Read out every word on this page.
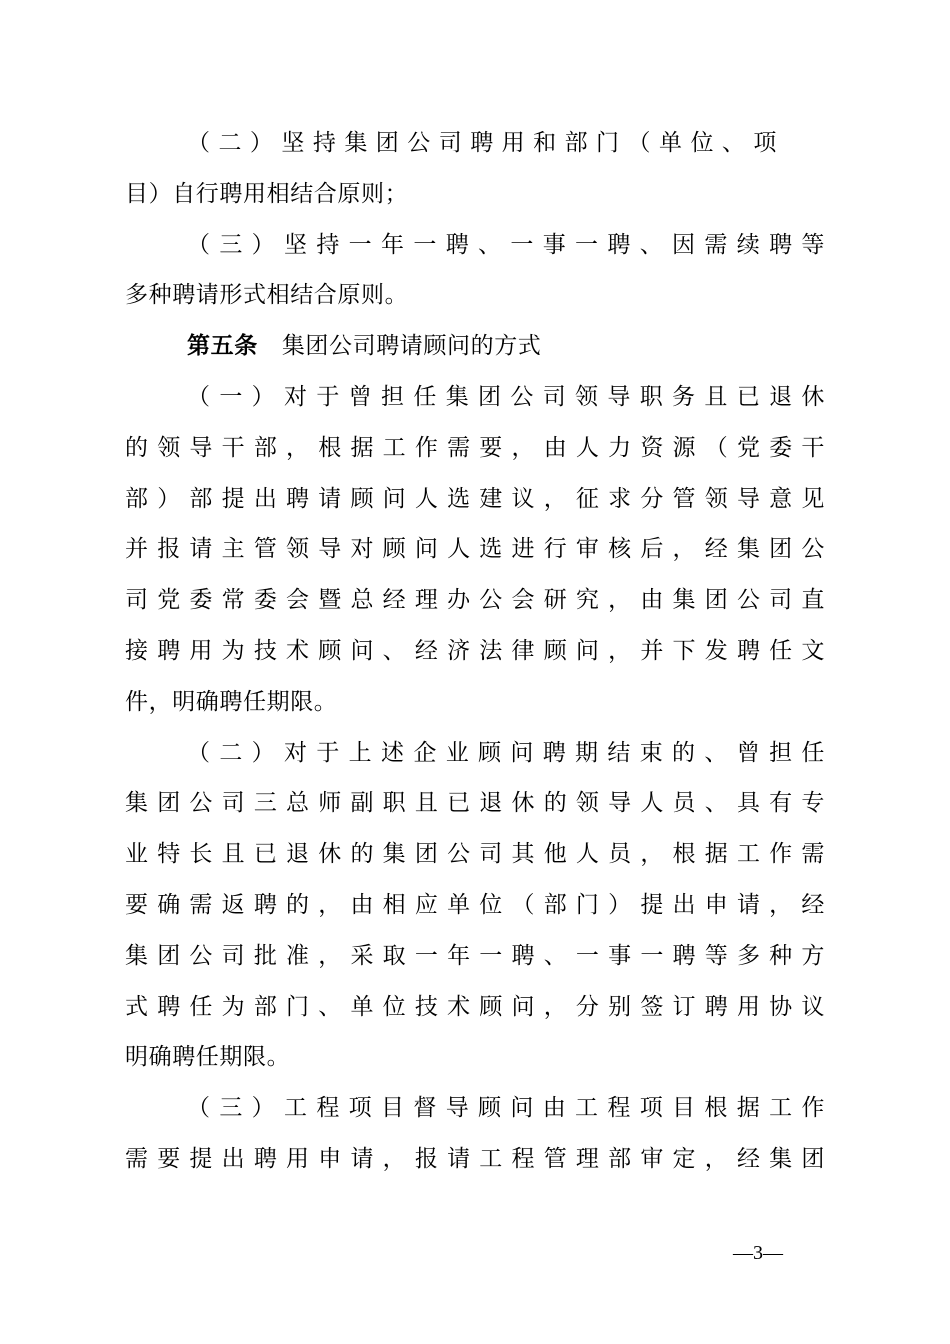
（二）坚持集团公司聘用和部门（单位、项
目）自行聘用相结合原则；
（三）坚持一年一聘、一事一聘、因需续聘等
多种聘请形式相结合原则。
第五条 集团公司聘请顾问的方式
（一）对于曾担任集团公司领导职务且已退休
的领导干部，根据工作需要，由人力资源（党委干
部）部提出聘请顾问人选建议，征求分管领导意见
并报请主管领导对顾问人选进行审核后，经集团公
司党委常委会暨总经理办公会研究，由集团公司直
接聘用为技术顾问、经济法律顾问，并下发聘任文
件，明确聘任期限。
（二）对于上述企业顾问聘期结束的、曾担任
集团公司三总师副职且已退休的领导人员、具有专
业特长且已退休的集团公司其他人员，根据工作需
要确需返聘的，由相应单位（部门）提出申请，经
集团公司批准，采取一年一聘、一事一聘等多种方
式聘任为部门、单位技术顾问，分别签订聘用协议
明确聘任期限。
（三）工程项目督导顾问由工程项目根据工作
需要提出聘用申请，报请工程管理部审定，经集团
—3—
